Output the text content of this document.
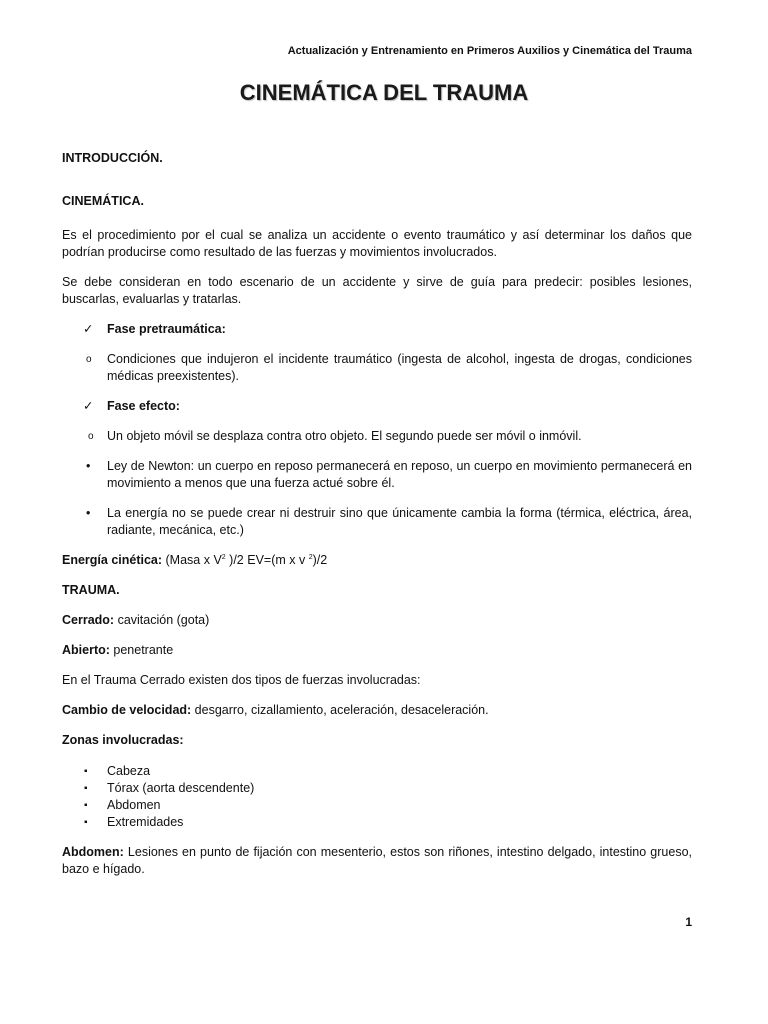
Actualización y Entrenamiento en Primeros Auxilios y Cinemática del Trauma
CINEMÁTICA DEL TRAUMA

INTRODUCCIÓN.

CINEMÁTICA.

Es el procedimiento por el cual se analiza un accidente o evento traumático y así determinar los daños que podrían producirse como resultado de las fuerzas y movimientos involucrados.

Se debe consideran en todo escenario de un accidente y sirve de guía para predecir: posibles lesiones, buscarlas, evaluarlas y tratarlas.

✓ Fase pretraumática:
o Condiciones que indujeron el incidente traumático (ingesta de alcohol, ingesta de drogas, condiciones médicas preexistentes).
✓ Fase efecto:
o Un objeto móvil se desplaza contra otro objeto. El segundo puede ser móvil o inmóvil.
• Ley de Newton: un cuerpo en reposo permanecerá en reposo, un cuerpo en movimiento permanecerá en movimiento a menos que una fuerza actué sobre él.
• La energía no se puede crear ni destruir sino que únicamente cambia la forma (térmica, eléctrica, área, radiante, mecánica, etc.)

Energía cinética: (Masa x $V^2$ )/2 EV=(m x v $^2$)/2

TRAUMA.

Cerrado: cavitación (gota)

Abierto: penetrante

En el Trauma Cerrado existen dos tipos de fuerzas involucradas:

Cambio de velocidad: desgarro, cizallamiento, aceleración, desaceleración.

Zonas involucradas:

▪ Cabeza
▪ Tórax (aorta descendente)
▪ Abdomen
▪ Extremidades

Abdomen: Lesiones en punto de fijación con mesenterio, estos son riñones, intestino delgado, intestino grueso, bazo e hígado.

1
